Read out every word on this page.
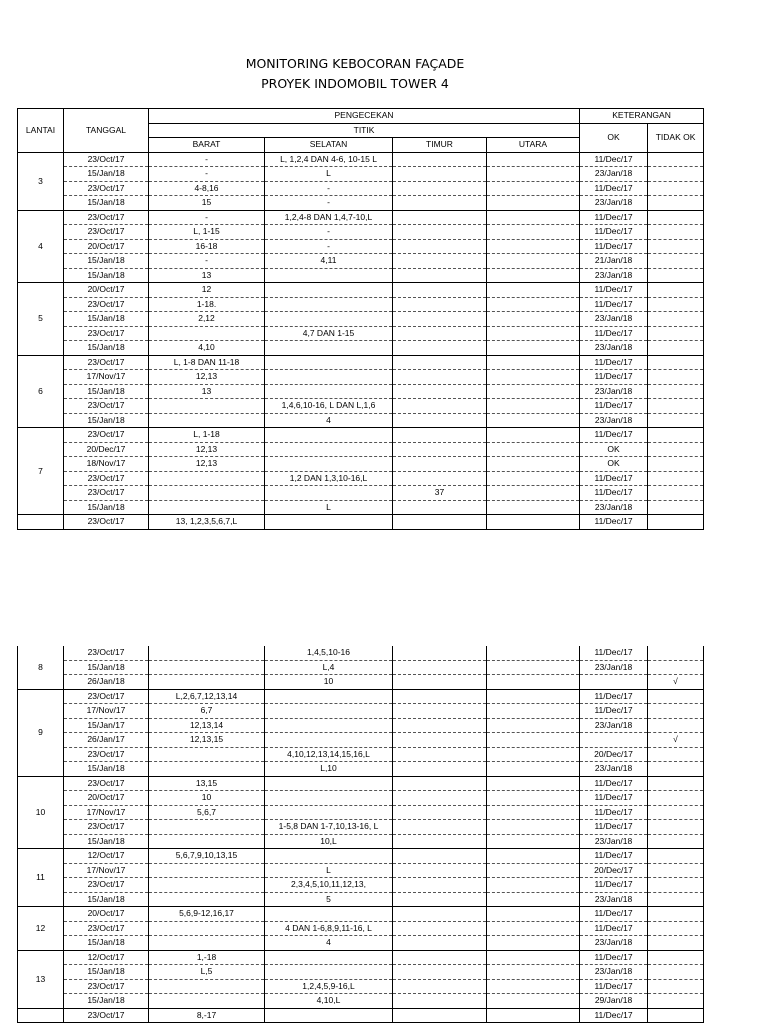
MONITORING KEBOCORAN FAÇADE
PROYEK INDOMOBIL TOWER 4
LANTAI	TANGGAL	PENGECEKAN				KETERANGAN	
		TITIK				OK	TIDAK OK
		BARAT	SELATAN	TIMUR	UTARA		
3	23/Oct/17	-	L, 1,2,4 DAN 4-6, 10-15 L			11/Dec/17	
	15/Jan/18	-	L			23/Jan/18	
	23/Oct/17	4-8,16	-			11/Dec/17	
	15/Jan/18	15	-			23/Jan/18	
4	23/Oct/17	-	1,2,4-8 DAN 1,4,7-10,L			11/Dec/17	
	23/Oct/17	L, 1-15	-			11/Dec/17	
	20/Oct/17	16-18	-			11/Dec/17	
	15/Jan/18	-	4,11			21/Jan/18	
	15/Jan/18	13				23/Jan/18	
5	20/Oct/17	12				11/Dec/17	
	23/Oct/17	1-18.				11/Dec/17	
	15/Jan/18	2,12				23/Jan/18	
	23/Oct/17		4,7 DAN 1-15			11/Dec/17	
	15/Jan/18	4,10				23/Jan/18	
6	23/Oct/17	L, 1-8 DAN 11-18				11/Dec/17	
	17/Nov/17	12,13				11/Dec/17	
	15/Jan/18	13				23/Jan/18	
	23/Oct/17		1,4,6,10-16, L DAN L,1,6			11/Dec/17	
	15/Jan/18		4			23/Jan/18	
7	23/Oct/17	L, 1-18				11/Dec/17	
	20/Dec/17	12,13				OK	
	18/Nov/17	12,13				OK	
	23/Oct/17		1,2 DAN 1,3,10-16,L			11/Dec/17	
	23/Oct/17			37		11/Dec/17	
	15/Jan/18		L			23/Jan/18	
	23/Oct/17	13, 1,2,3,5,6,7,L				11/Dec/17	
8	23/Oct/17		1,4,5,10-16			11/Dec/17	
	15/Jan/18		L,4			23/Jan/18	
	26/Jan/18		10				√
9	23/Oct/17	L,2,6,7,12,13,14				11/Dec/17	
	17/Nov/17	6,7				11/Dec/17	
	15/Jan/17	12,13,14				23/Jan/18	
	26/Jan/17	12,13,15					√
	23/Oct/17		4,10,12,13,14,15,16,L			20/Dec/17	
	15/Jan/18		L,10			23/Jan/18	
10	23/Oct/17	13,15				11/Dec/17	
	20/Oct/17	10				11/Dec/17	
	17/Nov/17	5,6,7				11/Dec/17	
	23/Oct/17		1-5,8 DAN 1-7,10,13-16, L			11/Dec/17	
	15/Jan/18		10,L			23/Jan/18	
11	12/Oct/17	5,6,7,9,10,13,15				11/Dec/17	
	17/Nov/17		L			20/Dec/17	
	23/Oct/17		2,3,4,5,10,11,12,13,			11/Dec/17	
	15/Jan/18		5			23/Jan/18	
12	20/Oct/17	5,6,9-12,16,17				11/Dec/17	
	23/Oct/17		4 DAN 1-6,8,9,11-16, L			11/Dec/17	
	15/Jan/18		4			23/Jan/18	
13	12/Oct/17	1,-18				11/Dec/17	
	15/Jan/18	L,5				23/Jan/18	
	23/Oct/17		1,2,4,5,9-16,L			11/Dec/17	
	15/Jan/18		4,10,L			29/Jan/18	
	23/Oct/17	8,-17				11/Dec/17	
